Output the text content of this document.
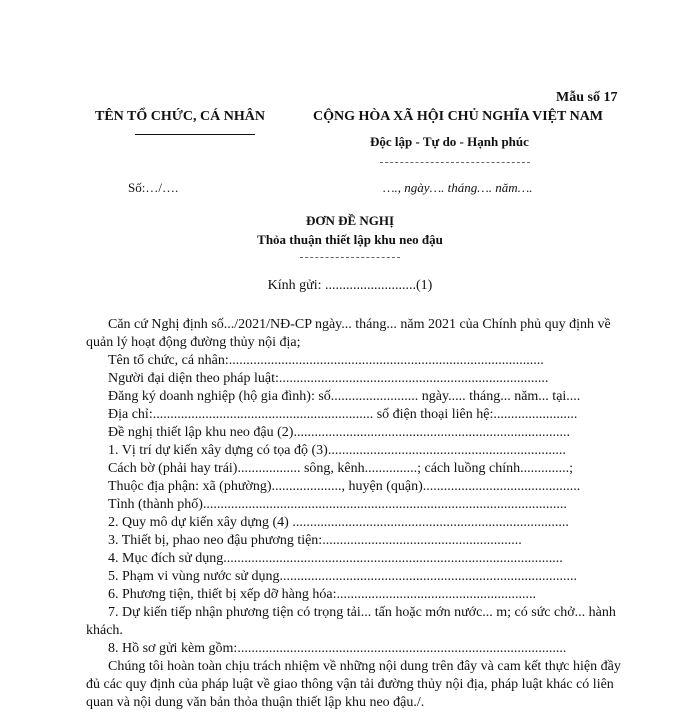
Mẫu số 17
TÊN TỔ CHỨC, CÁ NHÂN	CỘNG HÒA XÃ HỘI CHỦ NGHĨA VIỆT NAM
Độc lập - Tự do - Hạnh phúc
Số:…/….	…., ngày…. tháng…. năm….
ĐƠN ĐỀ NGHỊ
Thỏa thuận thiết lập khu neo đậu
Kính gửi: ..........................(1)
Căn cứ Nghị định số.../2021/NĐ-CP ngày... tháng... năm 2021 của Chính phủ quy định về
quản lý hoạt động đường thủy nội địa;
Tên tổ chức, cá nhân:..........................................................................................
Người đại diện theo pháp luật:.............................................................................
Đăng ký doanh nghiệp (hộ gia đình): số......................... ngày..... tháng... năm... tại....
Địa chỉ:............................................................... số điện thoại liên hệ:........................
Đề nghị thiết lập khu neo đậu (2)...............................................................................
1. Vị trí dự kiến xây dựng có tọa độ (3)....................................................................
Cách bờ (phải hay trái).................. sông, kênh...............; cách luồng chính..............;
Thuộc địa phận: xã (phường)...................., huyện (quận).............................................
Tỉnh (thành phố)........................................................................................................
2. Quy mô dự kiến xây dựng (4) ...............................................................................
3. Thiết bị, phao neo đậu phương tiện:.........................................................
4. Mục đích sử dụng.................................................................................................
5. Phạm vi vùng nước sử dụng.....................................................................................
6. Phương tiện, thiết bị xếp dỡ hàng hóa:.........................................................
7. Dự kiến tiếp nhận phương tiện có trọng tải... tấn hoặc mớn nước... m; có sức chở... hành
khách.
8. Hồ sơ gửi kèm gồm:..............................................................................................
Chúng tôi hoàn toàn chịu trách nhiệm về những nội dung trên đây và cam kết thực hiện đầy
đủ các quy định của pháp luật về giao thông vận tải đường thủy nội địa, pháp luật khác có liên
quan và nội dung văn bản thỏa thuận thiết lập khu neo đậu./.
